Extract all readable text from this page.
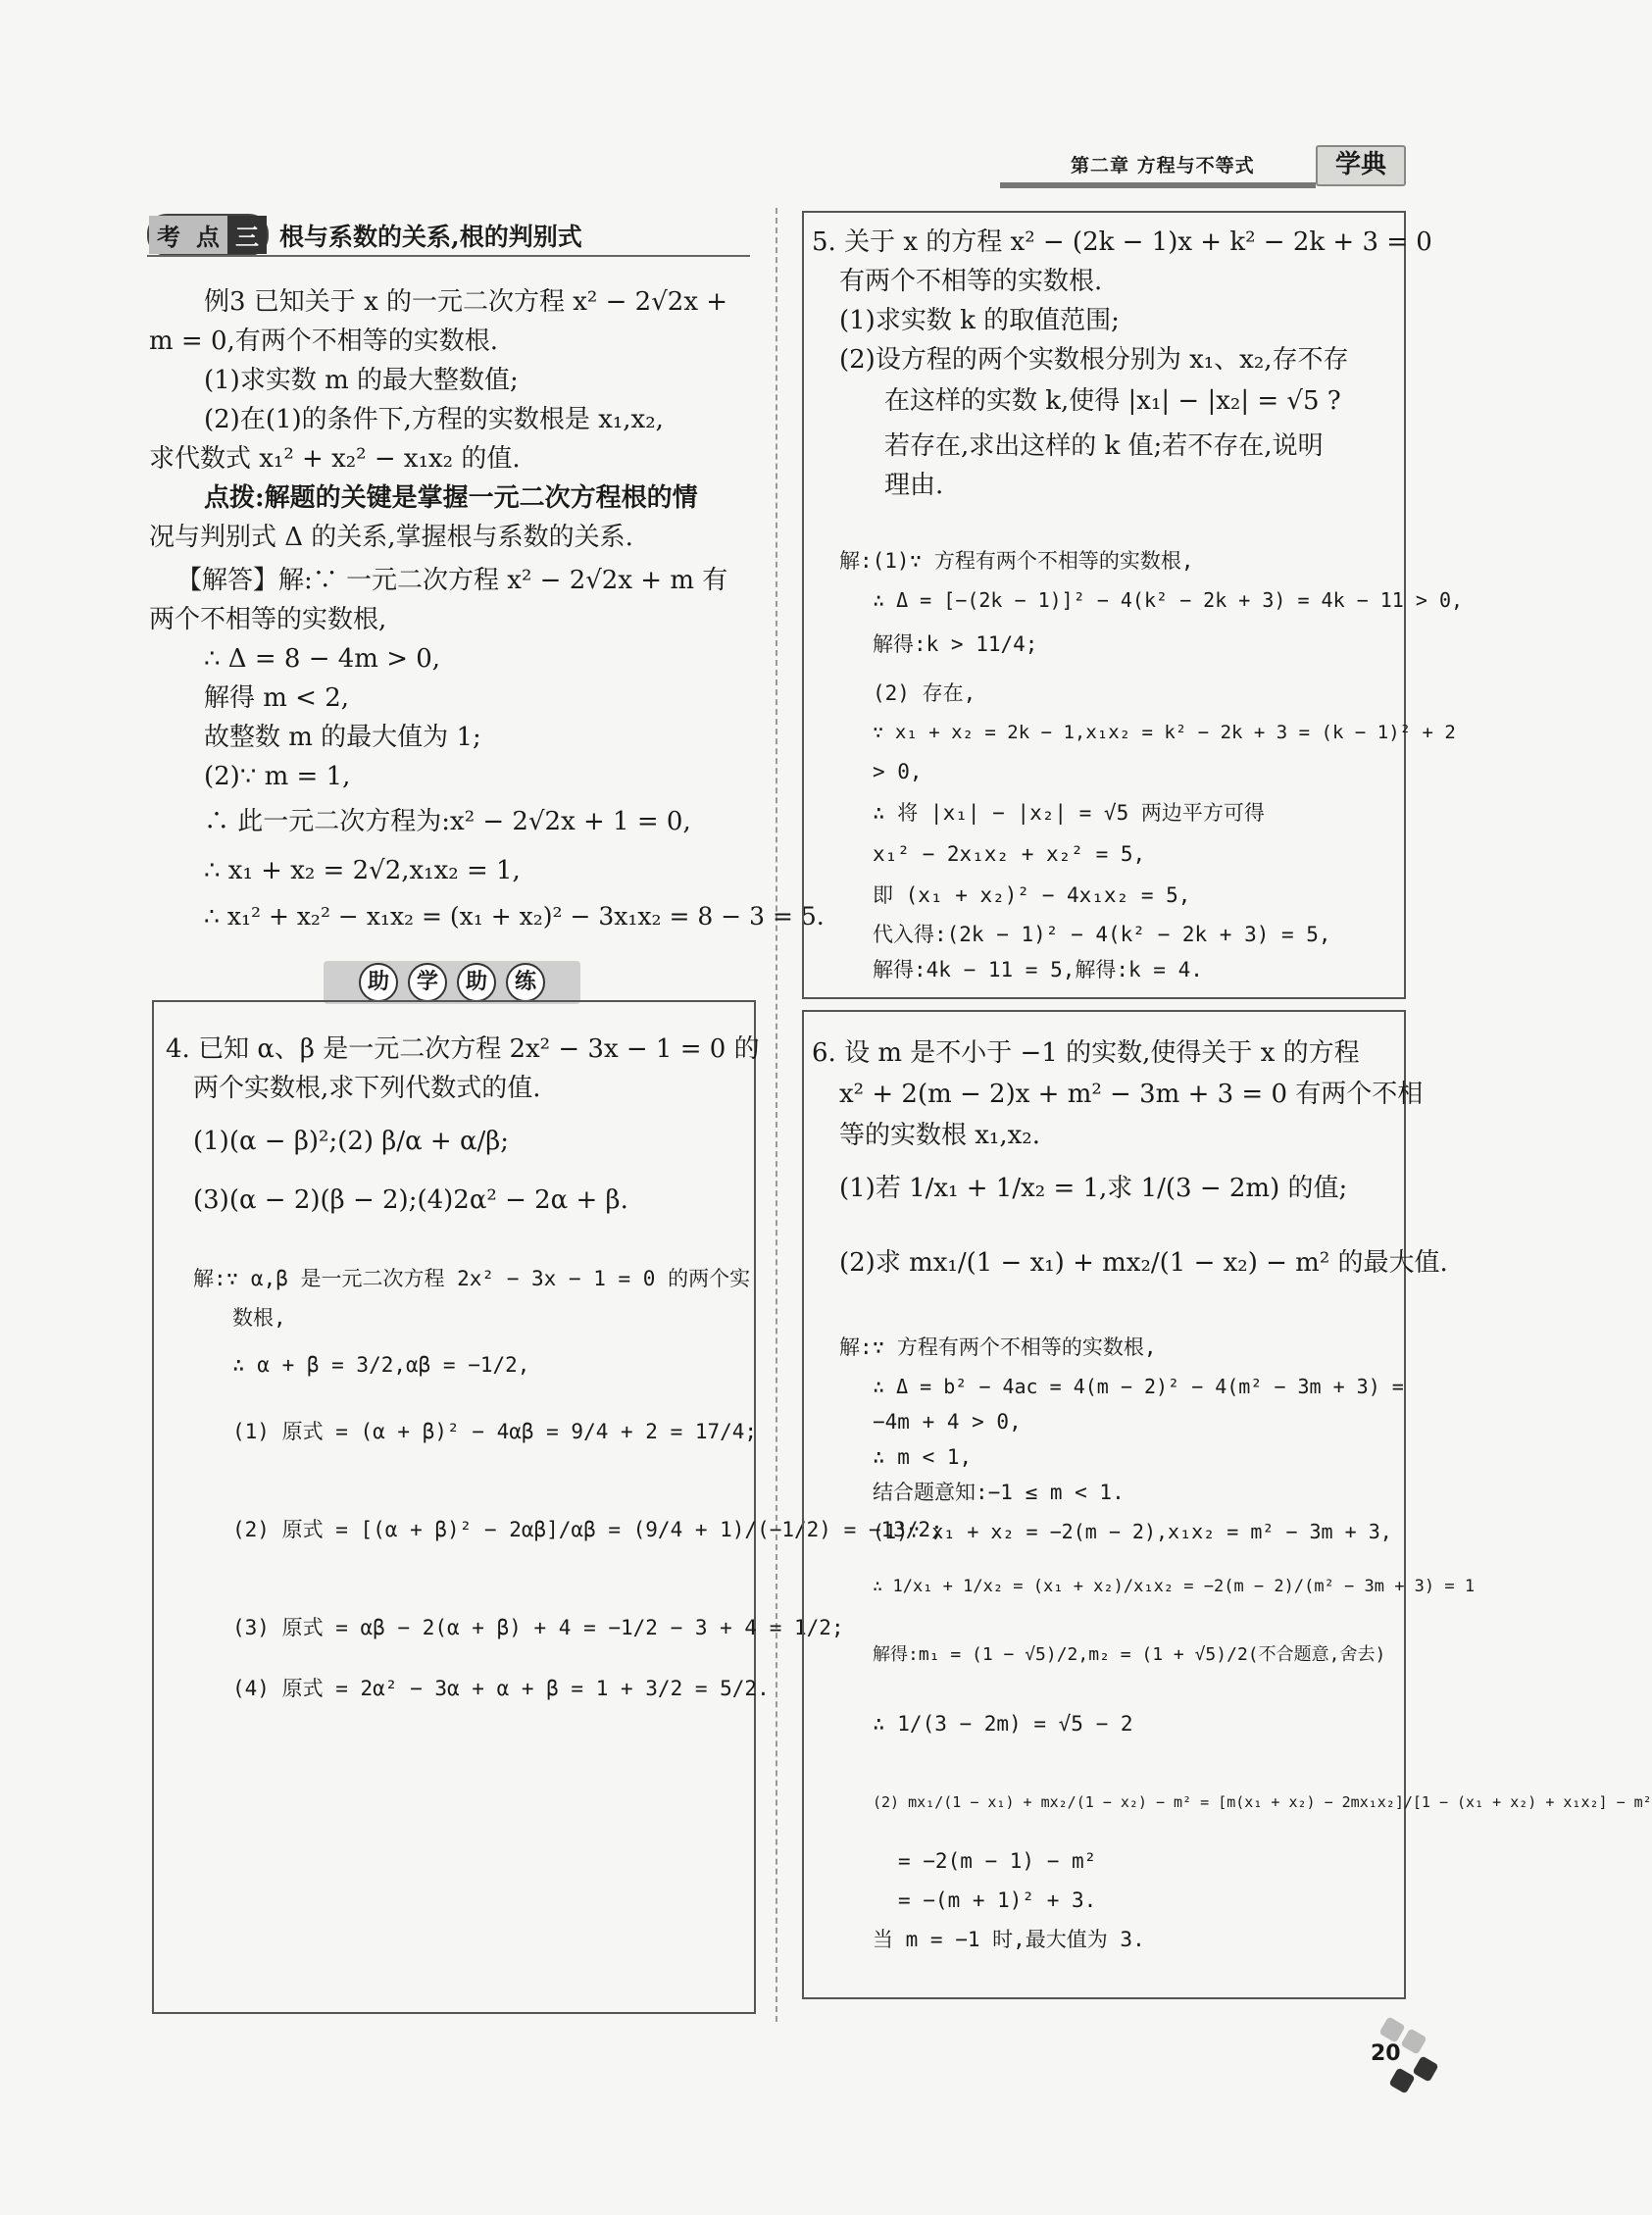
第二章 方程与不等式	学典
考 点 三 根与系数的关系,根的判别式
例3 已知关于 x 的一元二次方程 x² − 2√2x +
m = 0,有两个不相等的实数根.
(1)求实数 m 的最大整数值;
(2)在(1)的条件下,方程的实数根是 x₁,x₂,
求代数式 x₁² + x₂² − x₁x₂ 的值.
点拨:解题的关键是掌握一元二次方程根的情
况与判别式 Δ 的关系,掌握根与系数的关系.
【解答】解:∵ 一元二次方程 x² − 2√2x + m 有
两个不相等的实数根,
∴ Δ = 8 − 4m > 0,
解得 m < 2,
故整数 m 的最大值为 1;
(2)∵ m = 1,
∴ 此一元二次方程为:x² − 2√2x + 1 = 0,
∴ x₁ + x₂ = 2√2,x₁x₂ = 1,
∴ x₁² + x₂² − x₁x₂ = (x₁ + x₂)² − 3x₁x₂ = 8 − 3 = 5.
助	学	助	练
4. 已知 α、β 是一元二次方程 2x² − 3x − 1 = 0 的
两个实数根,求下列代数式的值.
(1)(α − β)²;(2) β/α + α/β;
(3)(α − 2)(β − 2);(4)2α² − 2α + β.
解:∵ α,β 是一元二次方程 2x² − 3x − 1 = 0 的两个实
数根,
∴ α + β = 3/2,αβ = −1/2,
(1) 原式 = (α + β)² − 4αβ = 9/4 + 2 = 17/4;
(2) 原式 = [(α + β)² − 2αβ]/αβ = (9/4 + 1)/(−1/2) = −13/2;
(3) 原式 = αβ − 2(α + β) + 4 = −1/2 − 3 + 4 = 1/2;
(4) 原式 = 2α² − 3α + α + β = 1 + 3/2 = 5/2.
5. 关于 x 的方程 x² − (2k − 1)x + k² − 2k + 3 = 0
有两个不相等的实数根.
(1)求实数 k 的取值范围;
(2)设方程的两个实数根分别为 x₁、x₂,存不存
在这样的实数 k,使得 |x₁| − |x₂| = √5 ?
若存在,求出这样的 k 值;若不存在,说明
理由.
解:(1)∵ 方程有两个不相等的实数根,
∴ Δ = [−(2k − 1)]² − 4(k² − 2k + 3) = 4k − 11 > 0,
解得:k > 11/4;
(2) 存在,
∵ x₁ + x₂ = 2k − 1,x₁x₂ = k² − 2k + 3 = (k − 1)² + 2
> 0,
∴ 将 |x₁| − |x₂| = √5 两边平方可得
x₁² − 2x₁x₂ + x₂² = 5,
即 (x₁ + x₂)² − 4x₁x₂ = 5,
代入得:(2k − 1)² − 4(k² − 2k + 3) = 5,
解得:4k − 11 = 5,解得:k = 4.
6. 设 m 是不小于 −1 的实数,使得关于 x 的方程
x² + 2(m − 2)x + m² − 3m + 3 = 0 有两个不相
等的实数根 x₁,x₂.
(1)若 1/x₁ + 1/x₂ = 1,求 1/(3 − 2m) 的值;
(2)求 mx₁/(1 − x₁) + mx₂/(1 − x₂) − m² 的最大值.
解:∵ 方程有两个不相等的实数根,
∴ Δ = b² − 4ac = 4(m − 2)² − 4(m² − 3m + 3) =
−4m + 4 > 0,
∴ m < 1,
结合题意知:−1 ≤ m < 1.
(1)∵ x₁ + x₂ = −2(m − 2),x₁x₂ = m² − 3m + 3,
∴ 1/x₁ + 1/x₂ = (x₁ + x₂)/x₁x₂ = −2(m − 2)/(m² − 3m + 3) = 1
解得:m₁ = (1 − √5)/2,m₂ = (1 + √5)/2(不合题意,舍去)
∴ 1/(3 − 2m) = √5 − 2
(2) mx₁/(1 − x₁) + mx₂/(1 − x₂) − m² = [m(x₁ + x₂) − 2mx₁x₂]/[1 − (x₁ + x₂) + x₁x₂] − m²
= −2(m − 1) − m²
= −(m + 1)² + 3.
当 m = −1 时,最大值为 3.
20
